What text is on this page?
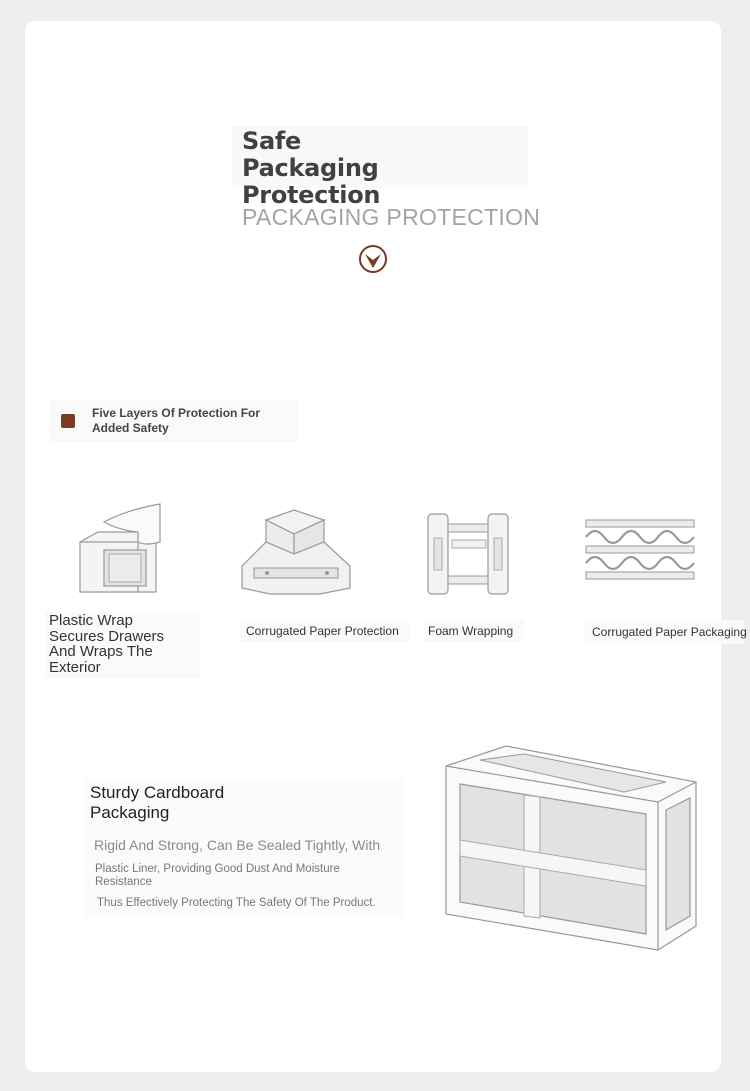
Safe Packaging Protection
PACKAGING PROTECTION
Five Layers Of Protection For Added Safety
Plastic Wrap Secures Drawers And Wraps The Exterior
Corrugated Paper Protection Foam Wrapping	Corrugated Paper Packaging
Sturdy Cardboard Packaging
Rigid And Strong, Can Be Sealed Tightly, With
Plastic Liner, Providing Good Dust And Moisture Resistance
Thus Effectively Protecting The Safety Of The Product.
